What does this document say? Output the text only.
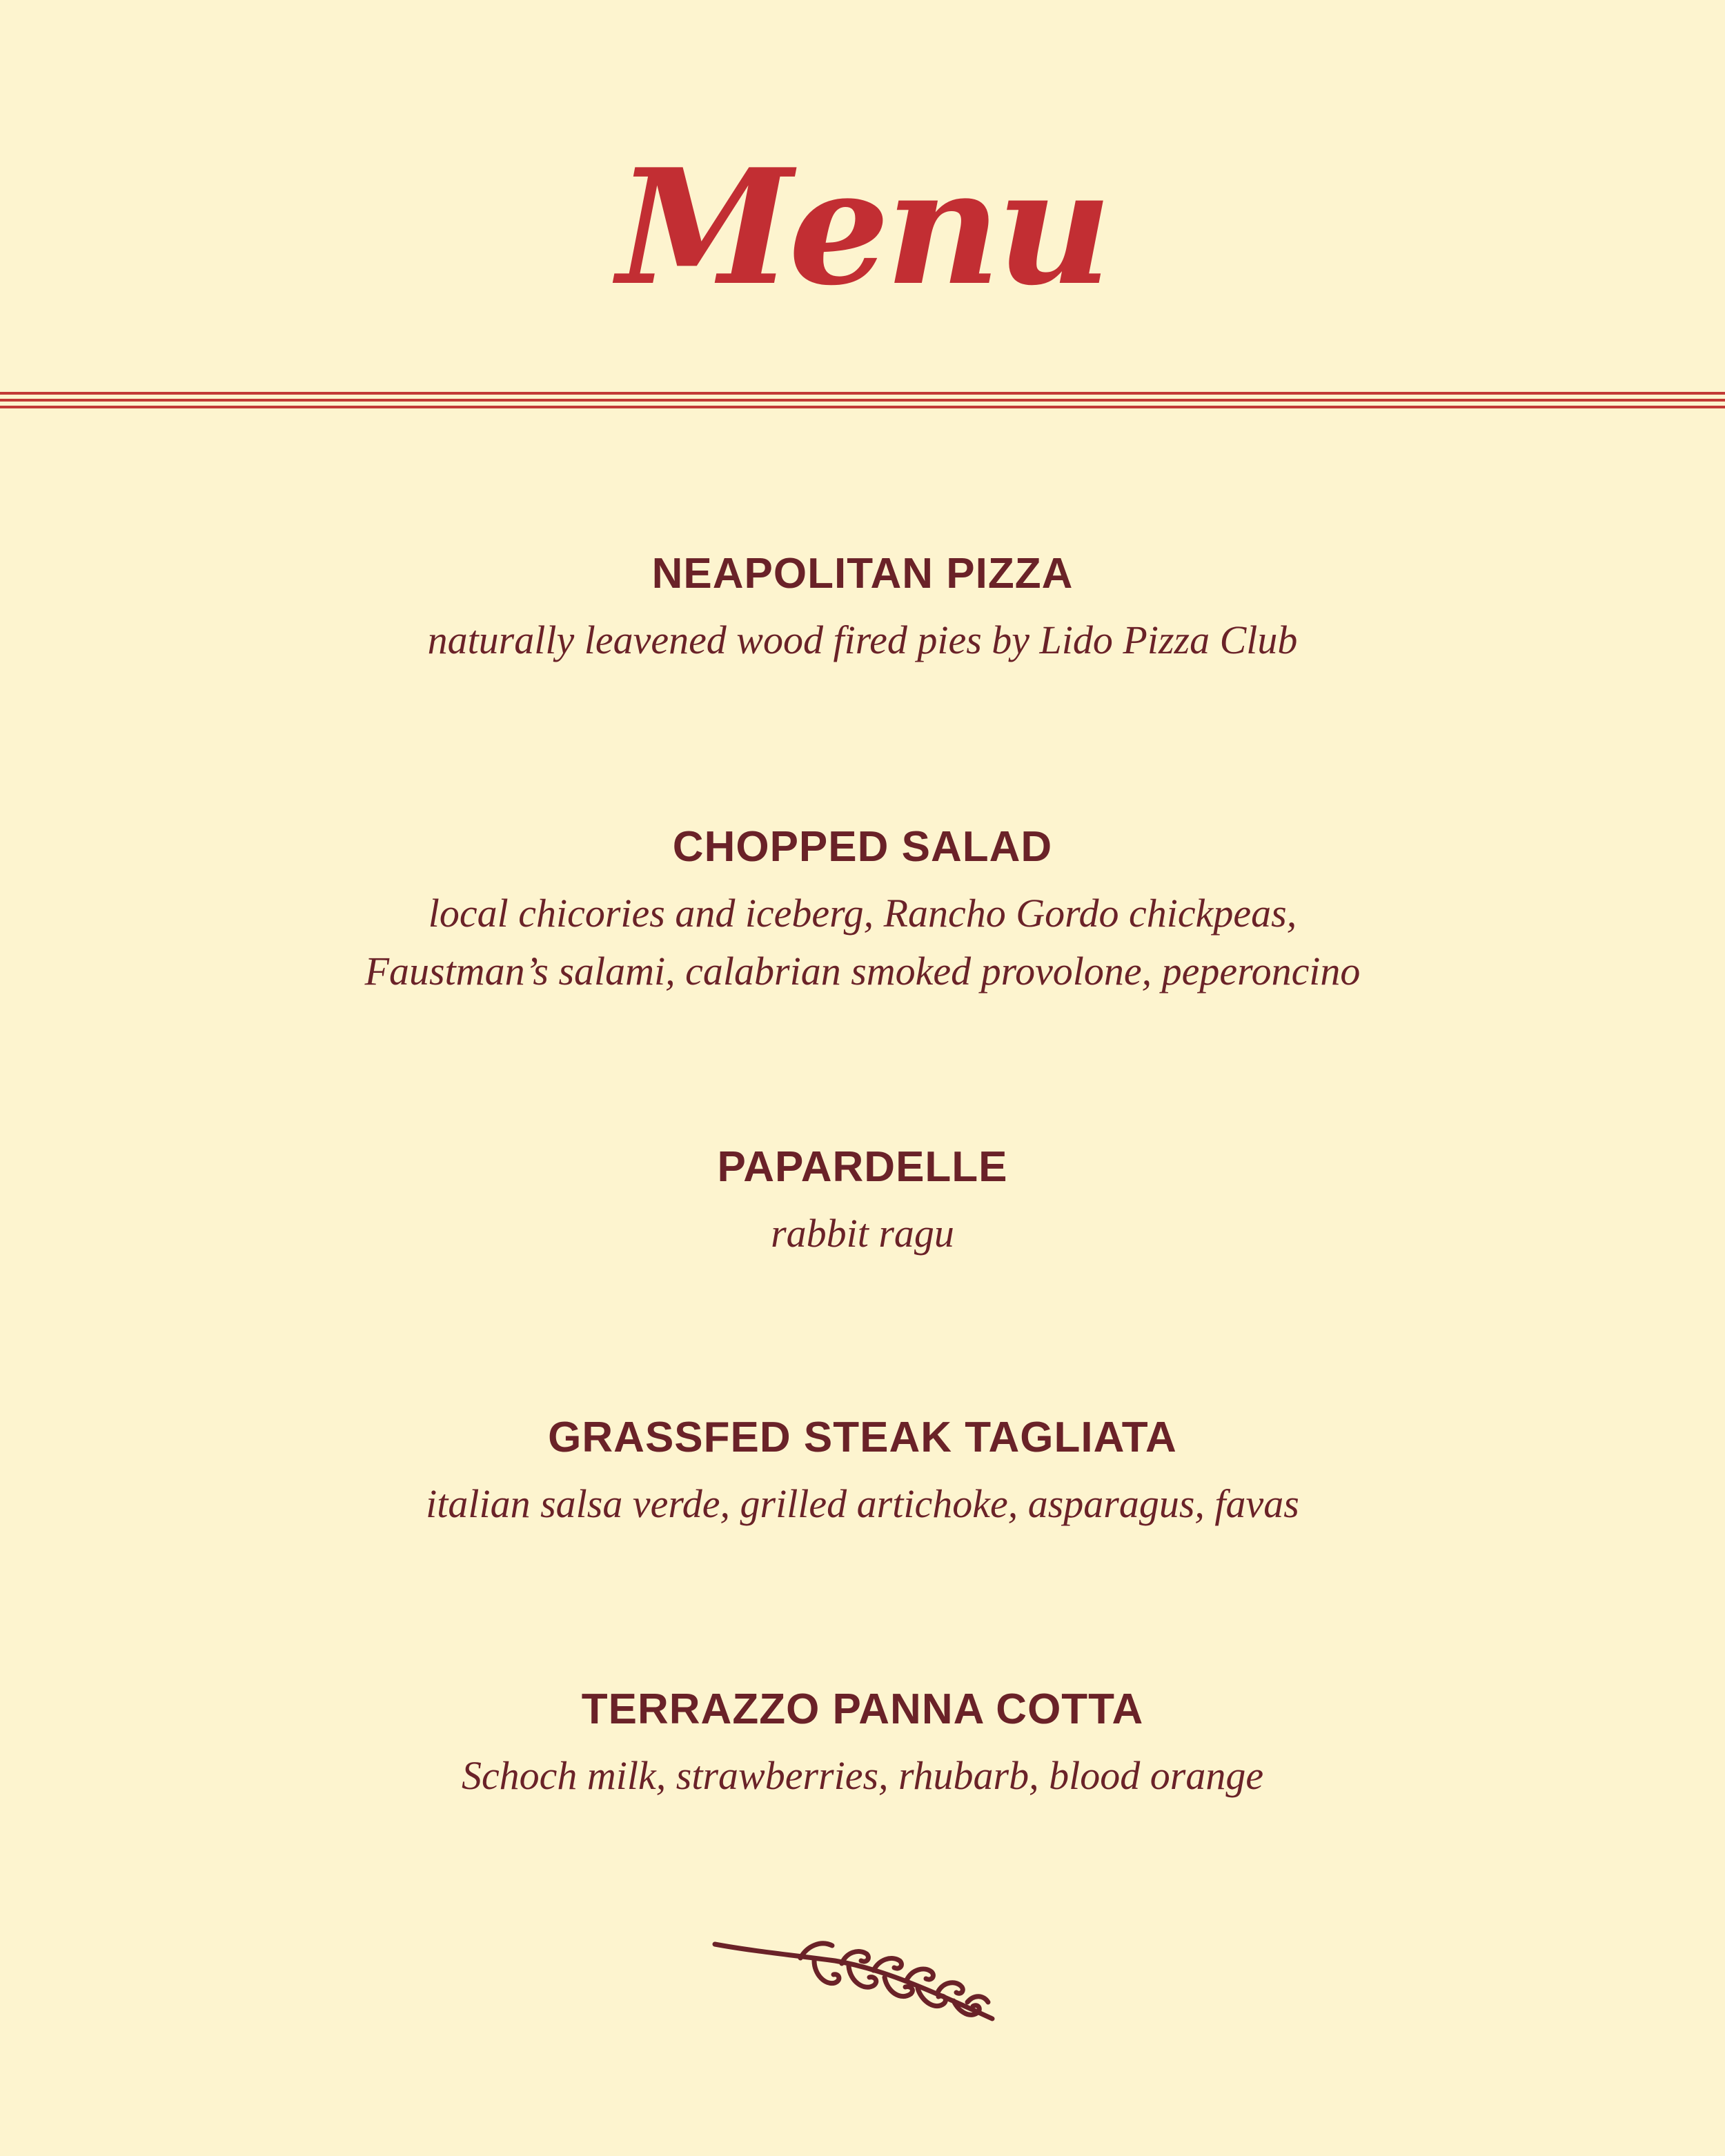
Menu
NEAPOLITAN PIZZA
naturally leavened wood fired pies by Lido Pizza Club
CHOPPED SALAD
local chicories and iceberg, Rancho Gordo chickpeas,
Faustman’s salami, calabrian smoked provolone, peperoncino
PAPARDELLE
rabbit ragu
GRASSFED STEAK TAGLIATA
italian salsa verde, grilled artichoke, asparagus, favas
TERRAZZO PANNA COTTA
Schoch milk, strawberries, rhubarb, blood orange
